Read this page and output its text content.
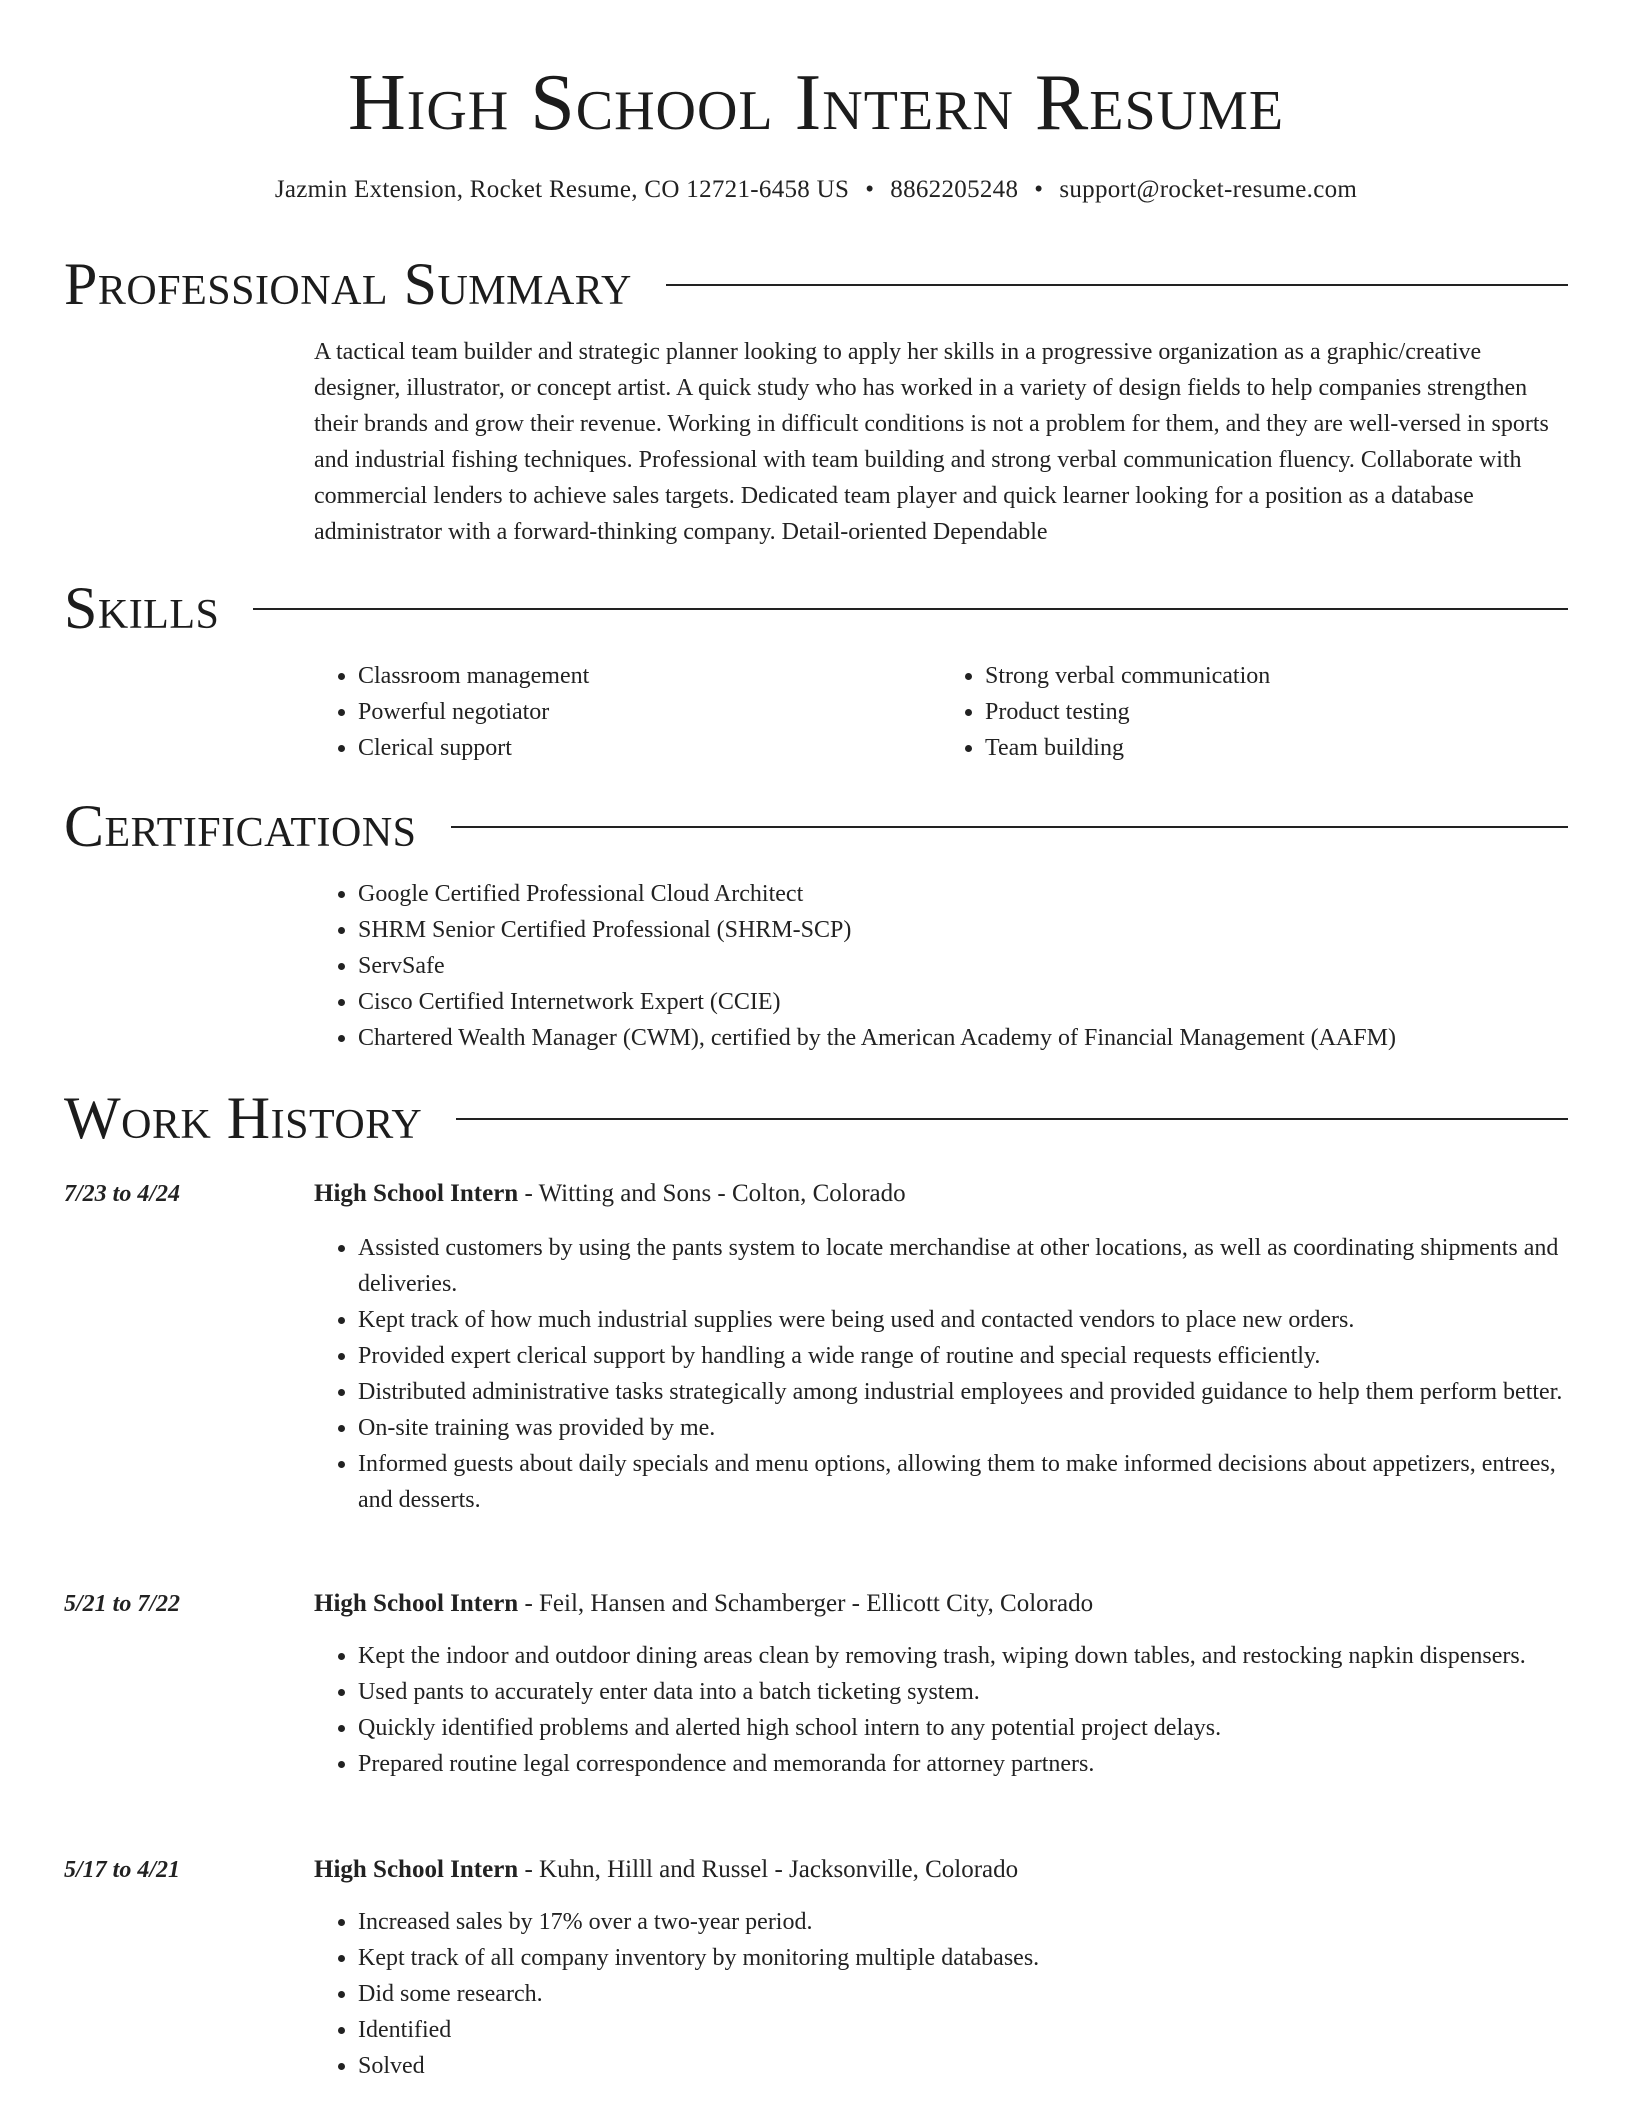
High School Intern Resume
Jazmin Extension, Rocket Resume, CO 12721-6458 US • 8862205248 • support@rocket-resume.com
Professional Summary
A tactical team builder and strategic planner looking to apply her skills in a progressive organization as a graphic/creative designer, illustrator, or concept artist. A quick study who has worked in a variety of design fields to help companies strengthen their brands and grow their revenue. Working in difficult conditions is not a problem for them, and they are well-versed in sports and industrial fishing techniques. Professional with team building and strong verbal communication fluency. Collaborate with commercial lenders to achieve sales targets. Dedicated team player and quick learner looking for a position as a database administrator with a forward-thinking company. Detail-oriented Dependable
Skills
• Classroom management
• Powerful negotiator
• Clerical support
• Strong verbal communication
• Product testing
• Team building
Certifications
• Google Certified Professional Cloud Architect
• SHRM Senior Certified Professional (SHRM-SCP)
• ServSafe
• Cisco Certified Internetwork Expert (CCIE)
• Chartered Wealth Manager (CWM), certified by the American Academy of Financial Management (AAFM)
Work History
7/23 to 4/24	High School Intern - Witting and Sons - Colton, Colorado
• Assisted customers by using the pants system to locate merchandise at other locations, as well as coordinating shipments and deliveries.
• Kept track of how much industrial supplies were being used and contacted vendors to place new orders.
• Provided expert clerical support by handling a wide range of routine and special requests efficiently.
• Distributed administrative tasks strategically among industrial employees and provided guidance to help them perform better.
• On-site training was provided by me.
• Informed guests about daily specials and menu options, allowing them to make informed decisions about appetizers, entrees, and desserts.
5/21 to 7/22	High School Intern - Feil, Hansen and Schamberger - Ellicott City, Colorado
• Kept the indoor and outdoor dining areas clean by removing trash, wiping down tables, and restocking napkin dispensers.
• Used pants to accurately enter data into a batch ticketing system.
• Quickly identified problems and alerted high school intern to any potential project delays.
• Prepared routine legal correspondence and memoranda for attorney partners.
5/17 to 4/21	High School Intern - Kuhn, Hilll and Russel - Jacksonville, Colorado
• Increased sales by 17% over a two-year period.
• Kept track of all company inventory by monitoring multiple databases.
• Did some research.
• Identified
• Solved
